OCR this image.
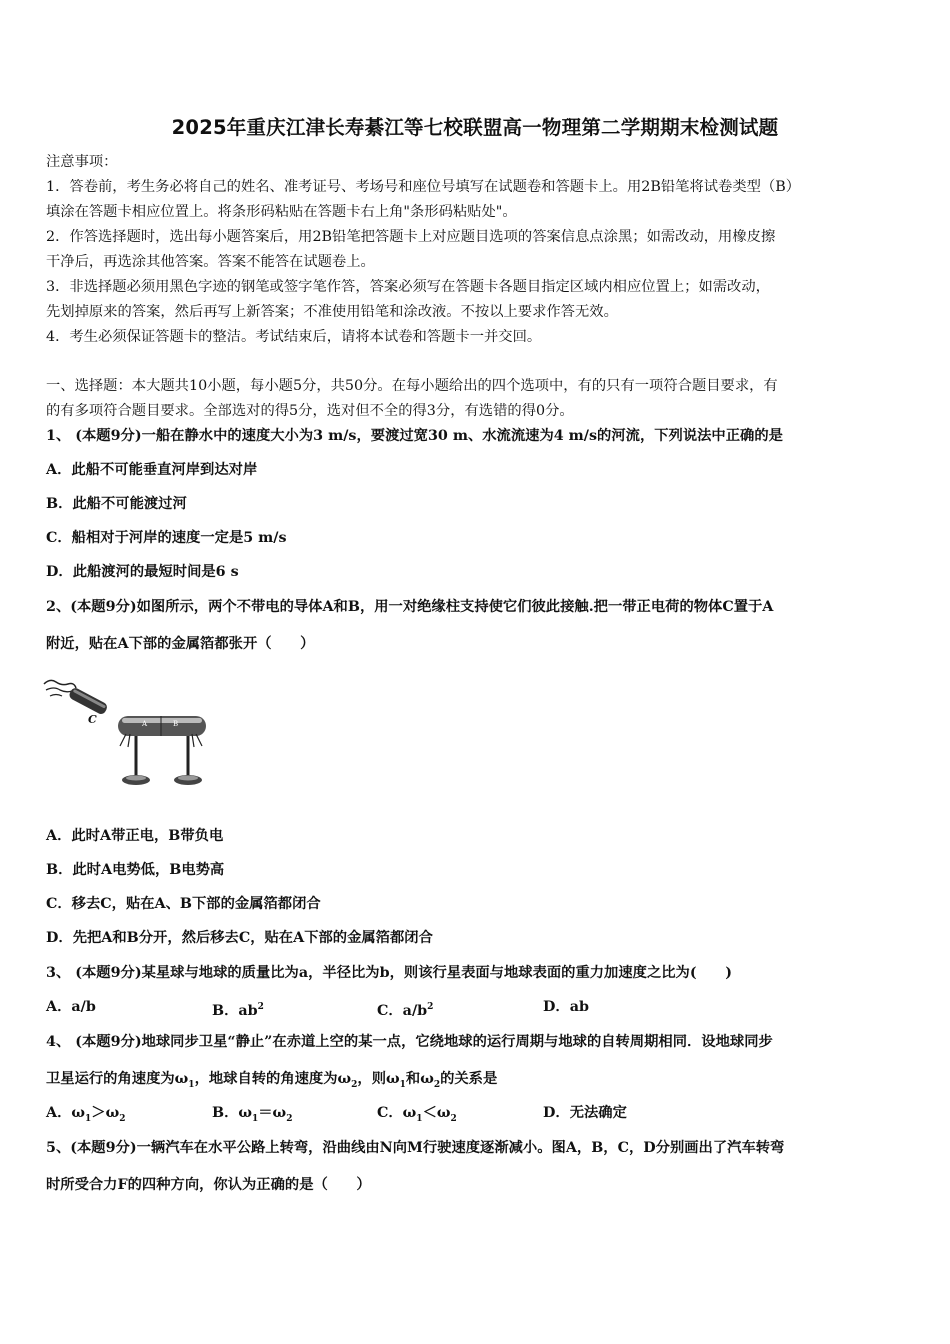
2025年重庆江津长寿綦江等七校联盟高一物理第二学期期末检测试题
注意事项：
1．答卷前，考生务必将自己的姓名、准考证号、考场号和座位号填写在试题卷和答题卡上。用2B铅笔将试卷类型（B）
填涂在答题卡相应位置上。将条形码粘贴在答题卡右上角"条形码粘贴处"。
2．作答选择题时，选出每小题答案后，用2B铅笔把答题卡上对应题目选项的答案信息点涂黑；如需改动，用橡皮擦
干净后，再选涂其他答案。答案不能答在试题卷上。
3．非选择题必须用黑色字迹的钢笔或签字笔作答，答案必须写在答题卡各题目指定区域内相应位置上；如需改动，
先划掉原来的答案，然后再写上新答案；不准使用铅笔和涂改液。不按以上要求作答无效。
4．考生必须保证答题卡的整洁。考试结束后，请将本试卷和答题卡一并交回。
一、选择题：本大题共10小题，每小题5分，共50分。在每小题给出的四个选项中，有的只有一项符合题目要求，有
的有多项符合题目要求。全部选对的得5分，选对但不全的得3分，有选错的得0分。
1、 (本题9分)一船在静水中的速度大小为3 m/s，要渡过宽30 m、水流流速为4 m/s的河流，下列说法中正确的是
A．此船不可能垂直河岸到达对岸
B．此船不可能渡过河
C．船相对于河岸的速度一定是5 m/s
D．此船渡河的最短时间是6 s
2、(本题9分)如图所示，两个不带电的导体A和B，用一对绝缘柱支持使它们彼此接触.把一带正电荷的物体C置于A
附近，贴在A下部的金属箔都张开（　　）
C	A	B
A．此时A带正电，B带负电
B．此时A电势低，B电势高
C．移去C，贴在A、B下部的金属箔都闭合
D．先把A和B分开，然后移去C，贴在A下部的金属箔都闭合
3、 (本题9分)某星球与地球的质量比为a，半径比为b，则该行星表面与地球表面的重力加速度之比为(　　)
A．a/b	B．$ab^2$	C．$a/b^2$	D．ab
4、 (本题9分)地球同步卫星“静止”在赤道上空的某一点，它绕地球的运行周期与地球的自转周期相同．设地球同步
卫星运行的角速度为$\omega_1$，地球自转的角速度为$\omega_2$，则$\omega_1$和$\omega_2$的关系是
A．$\omega_1>\omega_2$	B．$\omega_1=\omega_2$	C．$\omega_1<\omega_2$	D．无法确定
5、(本题9分)一辆汽车在水平公路上转弯，沿曲线由N向M行驶速度逐渐减小。图A，B，C，D分别画出了汽车转弯
时所受合力F的四种方向，你认为正确的是（　　）
